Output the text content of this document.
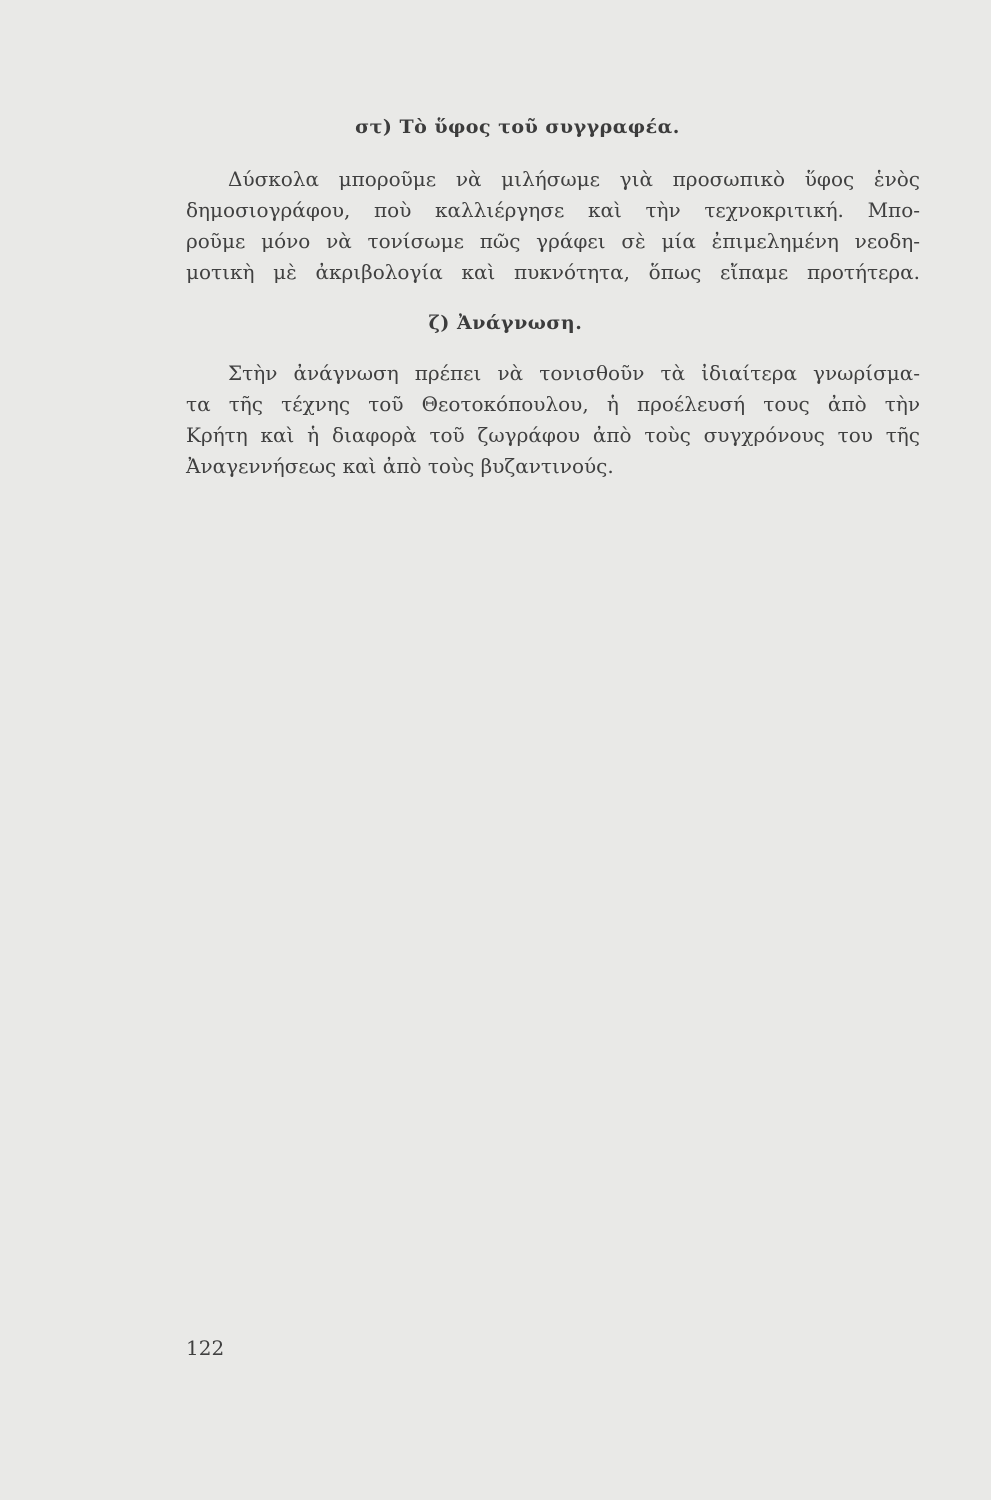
στ) Τὸ ὕφος τοῦ συγγραφέα.

Δύσκολα μποροῦμε νὰ μιλήσωμε γιὰ προσωπικὸ ὕφος ἑνὸς
δημοσιογράφου, ποὺ καλλιέργησε καὶ τὴν τεχνοκριτική. Μπο-
ροῦμε μόνο νὰ τονίσωμε πῶς γράφει σὲ μία ἐπιμελημένη νεοδη-
μοτικὴ μὲ ἀκριβολογία καὶ πυκνότητα, ὅπως εἴπαμε προτήτερα.

ζ) Ἀνάγνωση.

Στὴν ἀνάγνωση πρέπει νὰ τονισθοῦν τὰ ἰδιαίτερα γνωρίσμα-
τα τῆς τέχνης τοῦ Θεοτοκόπουλου, ἡ προέλευσή τους ἀπὸ τὴν
Κρήτη καὶ ἡ διαφορὰ τοῦ ζωγράφου ἀπὸ τοὺς συγχρόνους του τῆς
Ἀναγεννήσεως καὶ ἀπὸ τοὺς βυζαντινούς.

122
